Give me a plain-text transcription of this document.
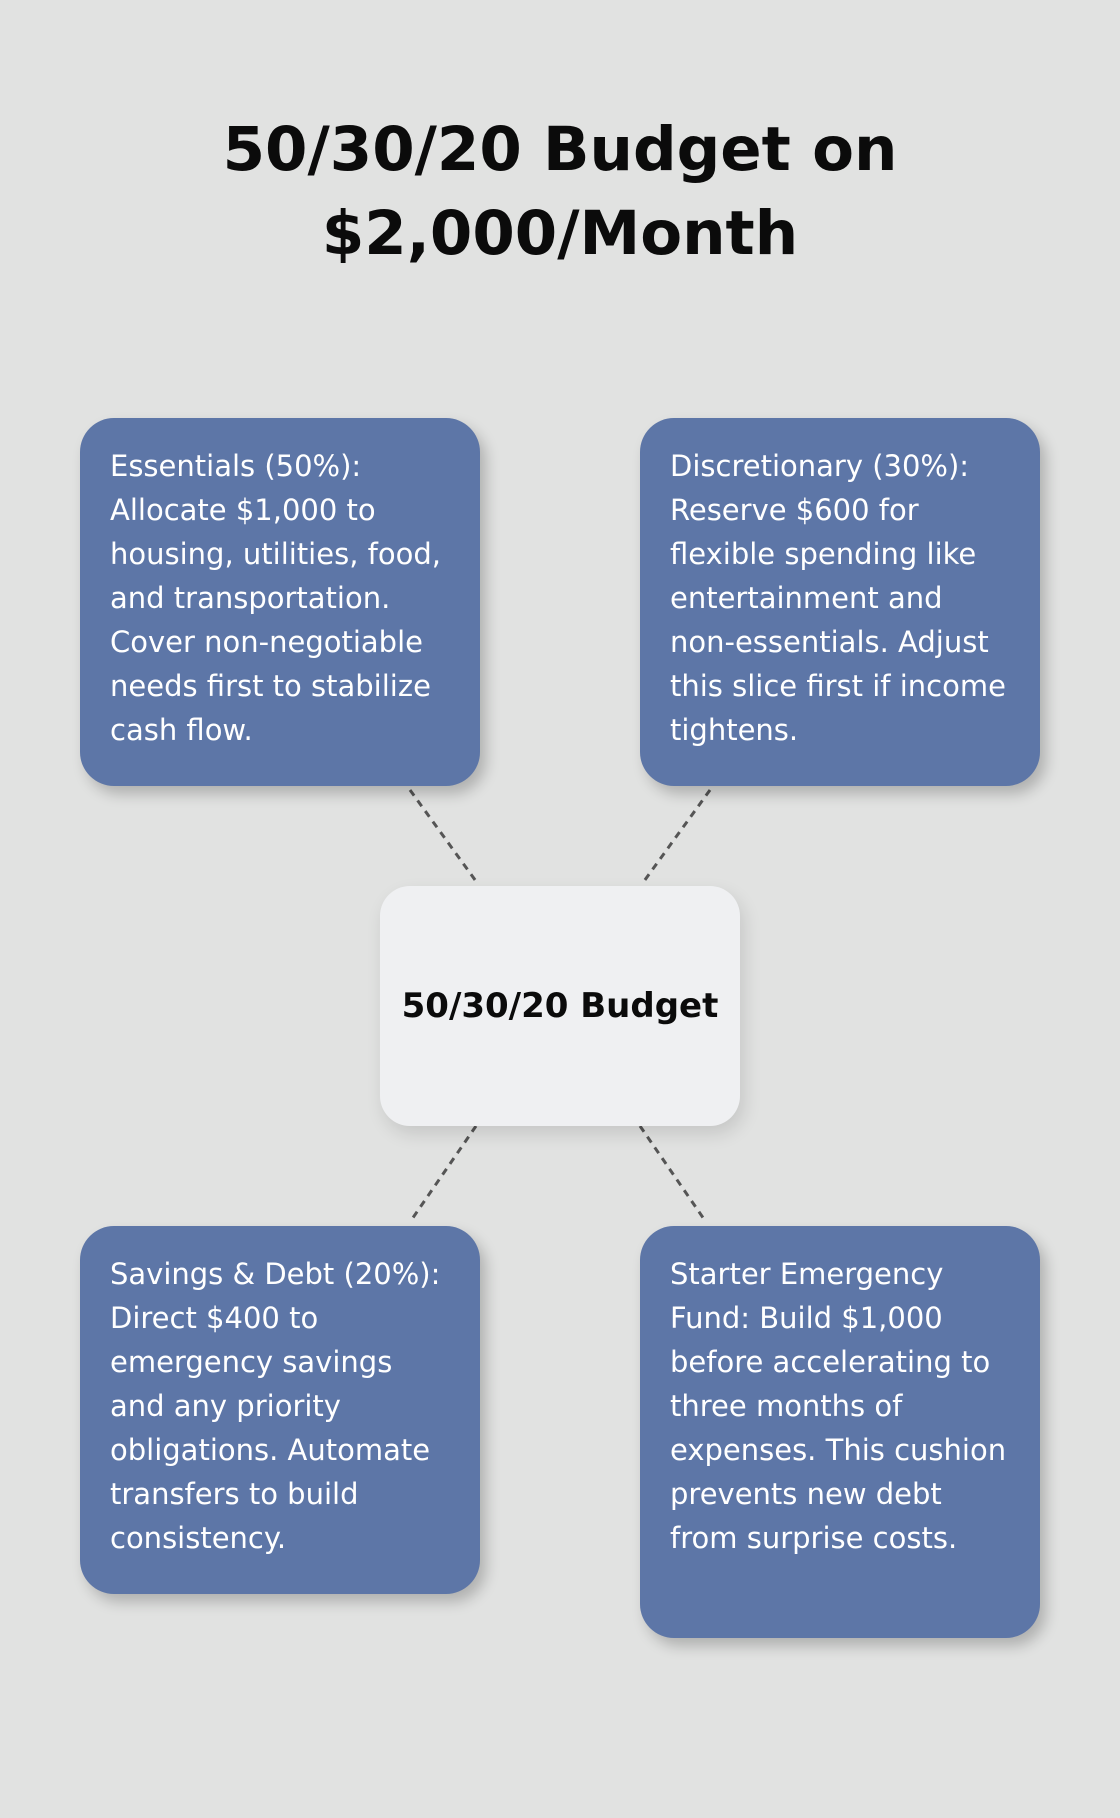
50/30/20 Budget on
$2,000/Month

Essentials (50%): Allocate $1,000 to housing, utilities, food, and transportation. Cover non-negotiable needs first to stabilize cash flow.

Discretionary (30%): Reserve $600 for flexible spending like entertainment and non-essentials. Adjust this slice first if income tightens.

50/30/20 Budget

Savings & Debt (20%): Direct $400 to emergency savings and any priority obligations. Automate transfers to build consistency.

Starter Emergency Fund: Build $1,000 before accelerating to three months of expenses. This cushion prevents new debt from surprise costs.
